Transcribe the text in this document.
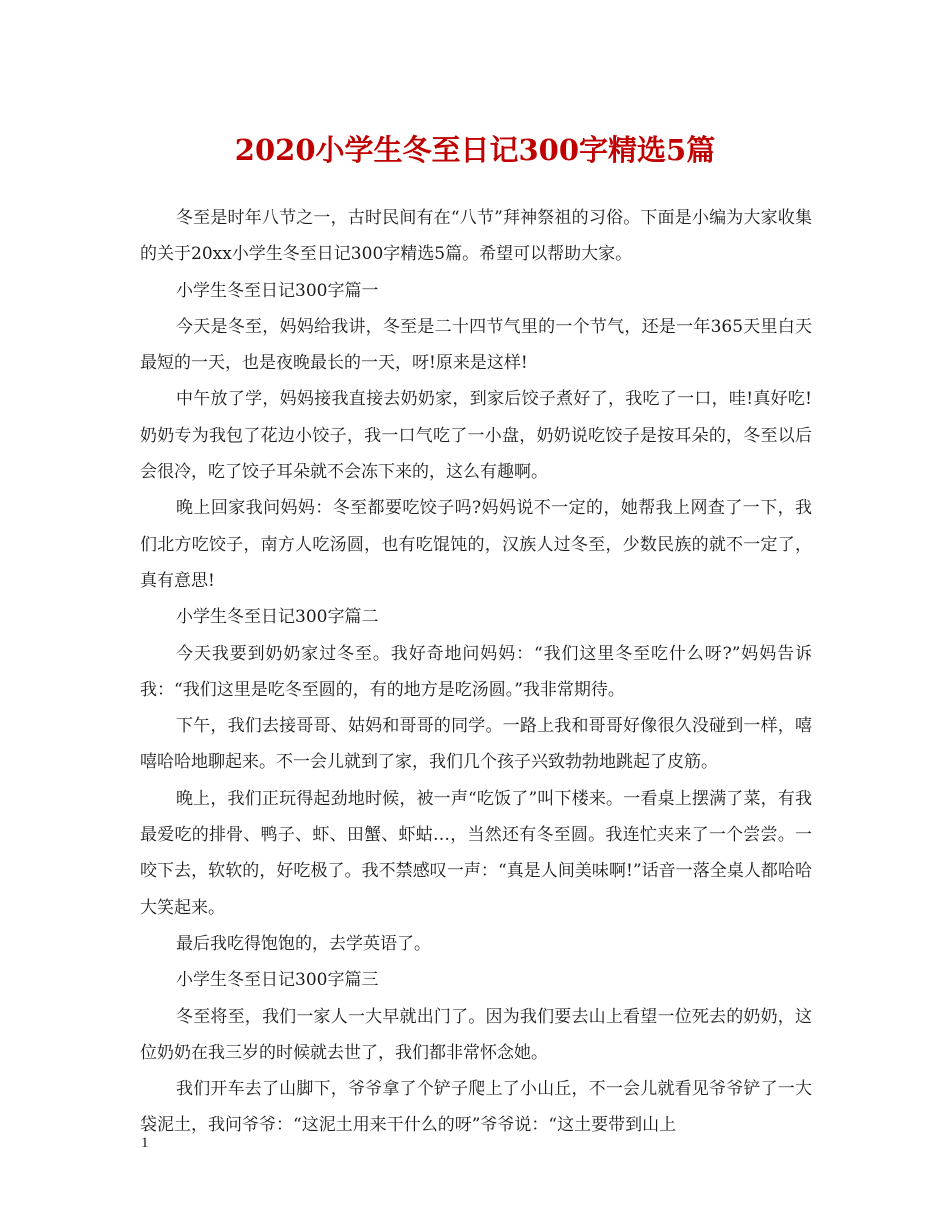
2020小学生冬至日记300字精选5篇

冬至是时年八节之一，古时民间有在“八节”拜神祭祖的习俗。下面是小编为大家收集的关于20xx小学生冬至日记300字精选5篇。希望可以帮助大家。

小学生冬至日记300字篇一

今天是冬至，妈妈给我讲，冬至是二十四节气里的一个节气，还是一年365天里白天最短的一天，也是夜晚最长的一天，呀!原来是这样!

中午放了学，妈妈接我直接去奶奶家，到家后饺子煮好了，我吃了一口，哇!真好吃!奶奶专为我包了花边小饺子，我一口气吃了一小盘，奶奶说吃饺子是按耳朵的，冬至以后会很冷，吃了饺子耳朵就不会冻下来的，这么有趣啊。

晚上回家我问妈妈：冬至都要吃饺子吗?妈妈说不一定的，她帮我上网查了一下，我们北方吃饺子，南方人吃汤圆，也有吃馄饨的，汉族人过冬至，少数民族的就不一定了，真有意思!

小学生冬至日记300字篇二

今天我要到奶奶家过冬至。我好奇地问妈妈：“我们这里冬至吃什么呀?”妈妈告诉我：“我们这里是吃冬至圆的，有的地方是吃汤圆。”我非常期待。

下午，我们去接哥哥、姑妈和哥哥的同学。一路上我和哥哥好像很久没碰到一样，嘻嘻哈哈地聊起来。不一会儿就到了家，我们几个孩子兴致勃勃地跳起了皮筋。

晚上，我们正玩得起劲地时候，被一声“吃饭了”叫下楼来。一看桌上摆满了菜，有我最爱吃的排骨、鸭子、虾、田蟹、虾蛄…，当然还有冬至圆。我连忙夹来了一个尝尝。一咬下去，软软的，好吃极了。我不禁感叹一声：“真是人间美味啊!”话音一落全桌人都哈哈大笑起来。

最后我吃得饱饱的，去学英语了。

小学生冬至日记300字篇三

冬至将至，我们一家人一大早就出门了。因为我们要去山上看望一位死去的奶奶，这位奶奶在我三岁的时候就去世了，我们都非常怀念她。

我们开车去了山脚下，爷爷拿了个铲子爬上了小山丘，不一会儿就看见爷爷铲了一大袋泥土，我问爷爷：“这泥土用来干什么的呀”爷爷说：“这土要带到山上

1
